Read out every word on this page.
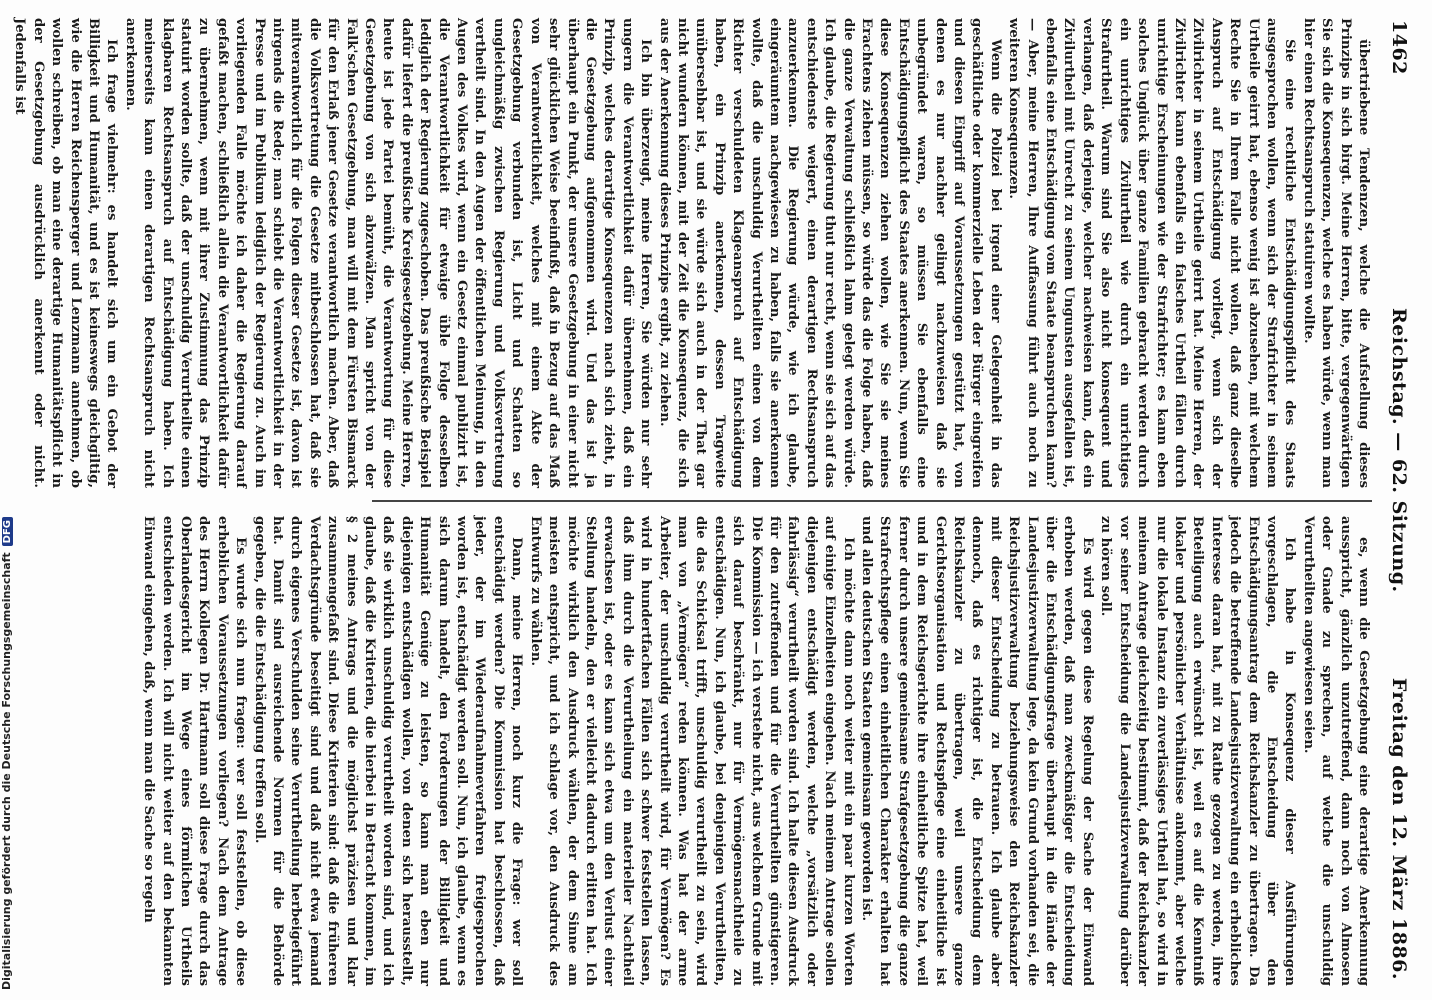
Digitalisierung gefördert durch die Deutsche ForschungsgemeinschaftDFG
1462
Reichstag. — 62. Sitzung.
Freitag den 12. März 1886.

übertriebene Tendenzen, welche die Aufstellung dieses Prinzips in sich birgt. Meine Herren, bitte, vergegenwärtigen Sie sich die Konsequenzen, welche es haben würde, wenn man hier einen Rechtsanspruch statuiren wollte.

Sie eine rechtliche Entschädigungspflicht des Staats ausgesprochen wollen, wenn sich der Strafrichter in seinem Urtheile geirrt hat, ebenso wenig ist abzusehen, mit welchem Rechte Sie in Ihrem Falle nicht wollen, daß ganz dieselbe Anspruch auf Entschädigung vorliegt, wenn sich der Zivilrichter in seinem Urtheile geirrt hat. Meine Herren, der Zivilrichter kann ebenfalls ein falsches Urtheil fällen durch unrichtige Erscheinungen wie der Strafrichter; es kann eben solches Unglück über ganze Familien gebracht werden durch ein unrichtiges Zivilurtheil wie durch ein unrichtiges Strafurtheil. Warum sind Sie also nicht konsequent und verlangen, daß derjenige, welcher nachweisen kann, daß ein Zivilurtheil mit Unrecht zu seinem Ungunsten ausgefallen ist, ebenfalls eine Entschädigung vom Staate beanspruchen kann? — Aber, meine Herren, Ihre Auffassung führt auch noch zu weiteren Konsequenzen.

Wenn die Polizei bei irgend einer Gelegenheit in das geschäftliche oder kommerzielle Leben der Bürger eingreifen und diesen Eingriff auf Voraussetzungen gestützt hat, von denen es nur nachher gelingt nachzuweisen daß sie unbegründet waren, so müssen Sie ebenfalls eine Entschädigungspflicht des Staates anerkennen. Nun, wenn Sie diese Konsequenzen ziehen wollen, wie Sie sie meines Erachtens ziehen müssen, so würde das die Folge haben, daß die ganze Verwaltung schließlich lahm gelegt werden würde. Ich glaube, die Regierung thut nur recht, wenn sie sich auf das entschiedenste weigert, einen derartigen Rechtsanspruch anzuerkennen. Die Regierung würde, wie ich glaube, eingeräumtem nachgewiesen zu haben, falls sie anerkennen wollte, daß die unschuldig Verurtheilten einen von dem Richter verschuldeten Klageanspruch auf Entschädigung haben, ein Prinzip anerkennen, dessen Tragweite unübersehbar ist, und sie würde sich auch in der That gar nicht wundern können, mit der Zeit die Konsequenz, die sich aus der Anerkennung dieses Prinzips ergibt, zu ziehen.

Ich bin überzeugt, meine Herren, Sie würden nur sehr ungern die Verantwortlichkeit dafür übernehmen, daß ein Prinzip, welches derartige Konsequenzen nach sich zieht, in die Gesetzgebung aufgenommen wird. Und das ist ja überhaupt ein Punkt, der unsere Gesetzgebung in einer nicht sehr glücklichen Weise beeinflußt, daß in Bezug auf das Maß von Verantwortlichkeit, welches mit einem Akte der Gesetzgebung verbunden ist, Licht und Schatten so ungleichmäßig zwischen Regierung und Volksvertretung vertheilt sind. In den Augen der öffentlichen Meinung, in den Augen des Volkes wird, wenn ein Gesetz einmal publizirt ist, die Verantwortlichkeit für etwaige üble Folge desselben lediglich der Regierung zugeschoben. Das preußische Beispiel dafür liefert die preußische Kreisgesetzgebung. Meine Herren, heute ist jede Partei bemüht, die Verantwortung für diese Gesetzgebung von sich abzuwälzen. Man spricht von der Falk'schen Gesetzgebung, man will mit dem Fürsten Bismarck für den Erlaß jener Gesetze verantwortlich machen. Aber, daß die Volksvertretung die Gesetze mitbeschlossen hat, daß sie mitverantwortlich für die Folgen dieser Gesetze ist, davon ist nirgends die Rede; man schiebt die Verantwortlichkeit in der Presse und im Publikum lediglich der Regierung zu. Auch im vorliegenden Falle möchte ich daher die Regierung darauf gefaßt machen, schließlich allein die Verantwortlichkeit dafür zu übernehmen, wenn mit ihrer Zustimmung das Prinzip statuirt worden sollte, daß der unschuldig Verurtheilte einen klagbaren Rechtsanspruch auf Entschädigung haben. Ich meinerseits kann einen derartigen Rechtsanspruch nicht anerkennen.

Ich frage vielmehr: es handelt sich um ein Gebot der Billigkeit und Humanität, und es ist keineswegs gleichgiltig, wie die Herren Reichensperger und Lenzmann annehmen, ob wollen schreiben, ob man eine derartige Humanitätspflicht in der Gesetzgebung ausdrücklich anerkennt oder nicht. Jedenfalls ist

es, wenn die Gesetzgebung eine derartige Anerkennung ausspricht, gänzlich unzutreffend, dann noch von Almosen oder Gnade zu sprechen, auf welche die unschuldig Verurtheilten angewiesen seien.

Ich habe in Konsequenz dieser Ausführungen vorgeschlagen, die Entscheidung über den Entschädigungsantrag dem Reichskanzler zu übertragen. Da jedoch die betreffende Landesjustizverwaltung ein erhebliches Interesse daran hat, mit zu Rathe gezogen zu werden, ihre Beteiligung auch erwünscht ist, weil es auf die Kenntniß lokaler und persönlicher Verhältnisse ankommt, aber welche nur die lokale Instanz ein zuverlässiges Urtheil hat, so wird in meinem Antrage gleichzeitig bestimmt, daß der Reichskanzler vor seiner Entscheidung die Landesjustizverwaltung darüber zu hören soll.

Es wird gegen diese Regelung der Sache der Einwand erhoben werden, daß man zweckmäßiger die Entscheidung über die Entschädigungsfrage überhaupt in die Hände der Landesjustizverwaltung lege, da kein Grund vorhanden sei, die Reichsjustizverwaltung beziehungsweise den Reichskanzler mit dieser Entscheidung zu betrauen. Ich glaube aber dennoch, daß es richtiger ist, die Entscheidung dem Reichskanzler zu übertragen, weil unsere ganze Gerichtsorganisation und Rechtspflege eine einheitliche ist und in dem Reichsgerichte ihre einheitliche Spitze hat, weil ferner durch unsere gemeinsame Strafgesetzgebung die ganze Strafrechtspflege einen einheitlichen Charakter erhalten hat und allen deutschen Staaten gemeinsam geworden ist.

Ich möchte dann noch weiter mit ein paar kurzen Worten auf einige Einzelheiten eingehen. Nach meinem Antrage sollen diejenigen entschädigt werden, welche „vorsätzlich oder fahrlässig“ verurtheilt worden sind. Ich halte diesen Ausdruck für den zutreffenden und für die Verurtheilten günstigeren. Die Kommission — ich verstehe nicht, aus welchem Grunde mit sich darauf beschränkt, nur für Vermögensnachtheile zu entschädigen. Nun, ich glaube, bei denjenigen Verurtheilten, die das Schicksal trifft, unschuldig verurtheilt zu sein, wird man von „Vermögen“ reden können. Was hat der arme Arbeiter, der unschuldig verurtheilt wird, für Vermögen? Es wird in hundertfachen Fällen sich schwer feststellen lassen, daß ihm durch die Verurtheilung ein materieller Nachtheil erwachsen ist, oder es kann sich etwa um den Verlust einer Stellung handeln, den er vielleicht dadurch erlitten hat. Ich möchte wirklich den Ausdruck wählen, der dem Sinne am meisten entspricht, und ich schlage vor, den Ausdruck des Entwurfs zu wählen.

Dann, meine Herren, noch kurz die Frage: wer soll entschädigt werden? Die Kommission hat beschlossen, daß jeder, der im Wiederaufnahmeverfahren freigesprochen worden ist, entschädigt werden soll. Nun, ich glaube, wenn es sich darum handelt, den Forderungen der Billigkeit und Humanität Genüge zu leisten, so kann man eben nur diejenigen entschädigen wollen, von denen sich herausstellt, daß sie wirklich unschuldig verurtheilt worden sind, und ich glaube, daß die Kriterien, die hierbei in Betracht kommen, im § 2 meines Antrags und die möglichst präzisen und klar zusammengefaßt sind. Diese Kriterien sind: daß die früheren Verdachtsgründe beseitigt sind und daß nicht etwa jemand durch eigenes Verschulden seine Verurtheilung herbeigeführt hat. Damit sind ausreichende Normen für die Behörde gegeben, die die Entschädigung treffen soll.

Es wurde sich nun fragen: wer soll feststellen, ob diese erheblichen Voraussetzungen vorliegen? Nach dem Antrage des Herrn Kollegen Dr. Hartmann soll diese Frage durch das Oberlandesgericht im Wege eines förmlichen Urtheils entschieden werden. Ich will nicht weiter auf den bekannten Einwand eingehen, daß, wenn man die Sache so regeln
